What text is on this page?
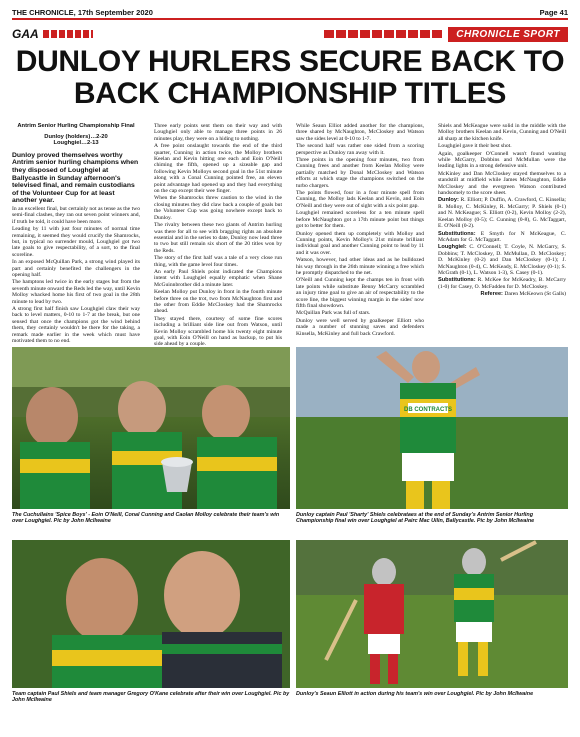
THE CHRONICLE, 17th September 2020	Page 41
GAA	CHRONICLE SPORT
DUNLOY HURLERS SECURE BACK TO BACK CHAMPIONSHIP TITLES
Antrim Senior Hurling Championship Final
Dunloy (holders)…2-20
Loughgiel…2-13

Dunloy proved themselves worthy Antrim senior hurling champions when they disposed of Loughgiel at Ballycastle in Sunday afternoon's televised final, and remain custodians of the Volunteer Cup for at least another year.

In an excellent final, but certainly not as tense as the two semi-final clashes, they ran out seven point winners and, if truth be told, it could have been more.

Leading by 11 with just four minutes of normal time remaining, it seemed they would crucify the Shamrocks, but, in typical no surrender mould, Loughgiel got two late goals to give respectability, of a sort, to the final scoreline.

In an exposed McQuillan Park, a strong wind played its part and certainly benefited the challengers in the opening half.

The hamptons led twice in the early stages but from the seventh minute onward the Reds led the way, until Kevin Molloy whacked home his first of two goal in the 28th minute to lead by two.

A strong first half finish saw Loughgiel claw their way back to level matters, 0-10 to 1-7 at the break, but one sensed that once the champions got the wind behind them, they certainly wouldn't be there for the taking, a remark made earlier in the week which must have motivated them to no end.

Three early points sent them on their way and with Loughgiel only able to manage three points in 26 minutes play, they were on a hiding to nothing.

A free point onslaught towards the end of the third quarter, Cunning in action twice, the Molloy brothers Keelan and Kevin hitting one each and Eoin O'Neill chiming the fifth, opened up a sizeable gap and following Kevin Molloys second goal in the 51st minute along with a Conal Cunning pointed free, an eleven point advantage had opened up and they had everything on the cap except their wee finger.

When the Shamrocks threw caution to the wind in the closing minutes they did claw back a couple of goals but the Volunteer Cup was going nowhere except back to Dunloy.

The rivalry between these two giants of Antrim hurling was there for all to see with bragging rights an absolute essential and in the series to date, Dunloy now lead three to two but still remain six short of the 20 titles won by the Reds.

The story of the first half was a tale of a very close run thing, with the game level four times.

An early Paul Shiels point indicated the Champions intent with Loughgiel equally emphatic when Shane McGuinnbrother did a minute later.

Keelan Molloy put Dunloy in front in the fourth minute before three on the trot, two from McNaughton first and the other from Eddie McCloskey had the Shamrocks ahead.

They stayed there, courtesy of some fine scores including a brilliant side line out from Watson, until Kevin Molloy scrambled home his twenty eight minute goal, with Eoin O'Neill on hand as backup, to put his side ahead by a couple.

While Seaun Elliot added another for the champions, three shared by McNaughton, McCloskey and Watson saw the sides level at 0-10 to 1-7.

The second half was rather one sided from a scoring perspective as Dunloy ran away with it.

Three points in the opening four minutes, two from Cunning frees and another from Keelan Molloy were partially matched by Donal McCloskey and Watson efforts at which stage the champions switched on the turbo chargers.

The points flowed, four in a four minute spell from Cunning, the Molloy lads Keelan and Kevin, and Eoin O'Neill and they were out of sight with a six point gap.

Loughgiel remained scoreless for a ten minute spell before McNaughton got a 17th minute point but things got to better for them.

Dunloy opened them up completely with Molloy and Cunning points, Kevin Molloy's 21st minute brilliant individual goal and another Cunning point to lead by 11 and it was over.

Watson, however, had other ideas and as he bulldozed his way through in the 26th minute winning a free which he promptly dispatched to the net.

O'Neill and Cunning kept the champs ten in front with late points while substitute Benny McCarry scrambled an injury time goal to give an air of respectability to the score line, the biggest winning margin in the sides' now fifth final showdown.

McQuillan Park was full of stars.

Dunloy were well served by goalkeeper Elliott who made a number of stunning saves and defenders Kinsella, McKinley and full back Crawford.

Shiels and McKeague were solid in the middle with the Molloy brothers Keelan and Kevin, Cunning and O'Neill all sharp at the kitchen knife.

Loughgiel gave it their best shot.

Again, goalkeeper O'Connell wasn't found wanting while McGarry, Dobbins and McMullan were the leading lights in a strong defensive unit.

McKinley and Dan McCloskey stayed themselves to a standstill at midfield while James McNaughton, Eddie McCloskey and the evergreen Watson contributed handsomely to the score sheet.

Dunloy: R. Elliott; P. Duffin, A. Crawford, C. Kinsella; R. Molloy, C. McKinley, R. McGarry; P. Shiels (0-1) and N. McKeague; S. Elliott (0-2), Kevin Molloy (2-2), Keelan Molloy (0-5); C. Cunning (0-8), G. McTaggart, E. O'Neill (0-2).

Substitutions: E Smyth for N McKeague, C. McAdam for G. McTaggart.

Loughgiel: C. O'Connell; T. Coyle, N. McGarry, S. Dobbins; T. McCloskey, D. McMullan, D. McCloskey; D. McKinley (0-2) and Dan McCloskey (0-1); J. McNaughton (0-4), C. McKeady, E. McCloskey (0-1); S. McGrath (0-1), L. Watson 1-3), S. Casey (0-1).

Substitutions: R. McKee for McKeadry, B. McCarry (1-0) for Casey, O. McFadden for D. McCloskey.

Referee: Daren McKeown (St Galls)

DB CONTRACTS
The Cuchullains 'Spice Boys' - Eoin O'Neill, Conal Cunning and Caolan Molloy celebrate their team's win over Loughgiel. Pic by John McIlwaine
Dunloy captain Paul 'Sharty' Shiels celebrataes at the end of Sunday's Antrim Senior Hurling Championship final win over Loughgiel at Pairc Mac Uilin, Ballycastle. Pic by John McIlwaine
Team captain Paul Shiels and team manager Gregory O'Kane celebrate after their win over Loughgiel. Pic by John McIlwaine
Dunloy's Seaun Elliott in action during his team's win over Loughgiel. Pic by John McIlwaine
